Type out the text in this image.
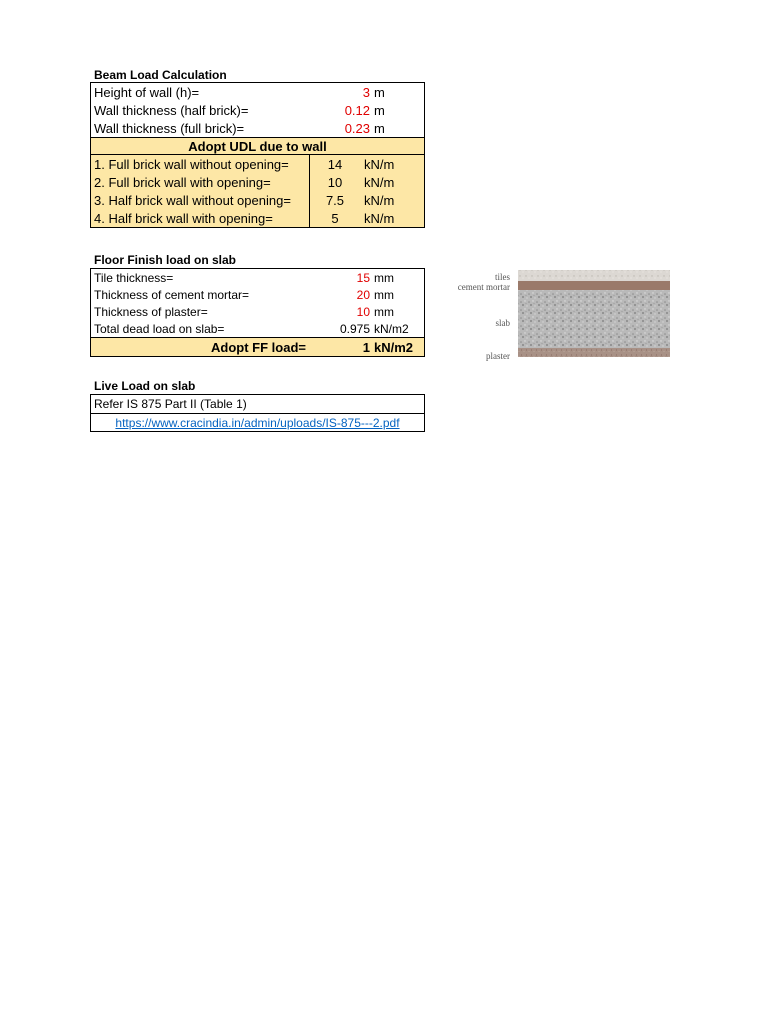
Beam Load Calculation
Height of wall (h)=	3 m
Wall thickness (half brick)=	0.12 m
Wall thickness (full brick)=	0.23 m
Adopt UDL due to wall
1. Full brick wall without opening=	14	kN/m
2. Full brick wall with opening=	10	kN/m
3. Half brick wall without opening=	7.5	kN/m
4. Half brick wall with opening=	5	kN/m
Floor Finish load on slab
Tile thickness=	15 mm
Thickness of cement mortar=	20 mm
Thickness of plaster=	10 mm
Total dead load on slab=	0.975 kN/m2
Adopt FF load=	1 kN/m2
Live Load on slab
Refer IS 875 Part II (Table 1)
https://www.cracindia.in/admin/uploads/IS-875---2.pdf
tiles
cement mortar
slab
plaster
